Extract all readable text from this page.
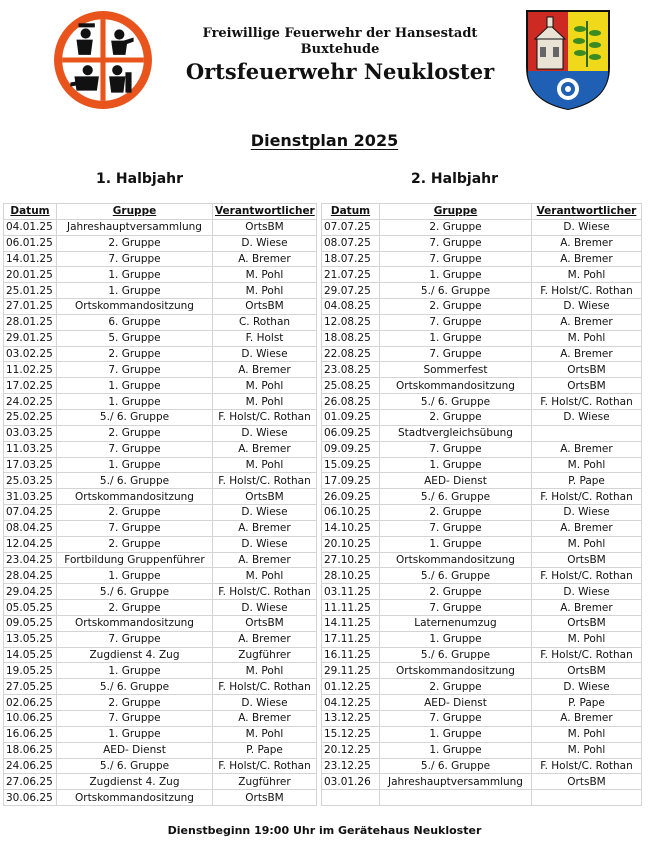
Freiwillige Feuerwehr der Hansestadt
Buxtehude
Ortsfeuerwehr Neukloster
Dienstplan 2025
1. Halbjahr	2. Halbjahr
Datum	Gruppe	Verantwortlicher
04.01.25	Jahreshauptversammlung	OrtsBM
06.01.25	2. Gruppe	D. Wiese
14.01.25	7. Gruppe	A. Bremer
20.01.25	1. Gruppe	M. Pohl
25.01.25	1. Gruppe	M. Pohl
27.01.25	Ortskommandositzung	OrtsBM
28.01.25	6. Gruppe	C. Rothan
29.01.25	5. Gruppe	F. Holst
03.02.25	2. Gruppe	D. Wiese
11.02.25	7. Gruppe	A. Bremer
17.02.25	1. Gruppe	M. Pohl
24.02.25	1. Gruppe	M. Pohl
25.02.25	5./ 6. Gruppe	F. Holst/C. Rothan
03.03.25	2. Gruppe	D. Wiese
11.03.25	7. Gruppe	A. Bremer
17.03.25	1. Gruppe	M. Pohl
25.03.25	5./ 6. Gruppe	F. Holst/C. Rothan
31.03.25	Ortskommandositzung	OrtsBM
07.04.25	2. Gruppe	D. Wiese
08.04.25	7. Gruppe	A. Bremer
12.04.25	2. Gruppe	D. Wiese
23.04.25	Fortbildung Gruppenführer	A. Bremer
28.04.25	1. Gruppe	M. Pohl
29.04.25	5./ 6. Gruppe	F. Holst/C. Rothan
05.05.25	2. Gruppe	D. Wiese
09.05.25	Ortskommandositzung	OrtsBM
13.05.25	7. Gruppe	A. Bremer
14.05.25	Zugdienst 4. Zug	Zugführer
19.05.25	1. Gruppe	M. Pohl
27.05.25	5./ 6. Gruppe	F. Holst/C. Rothan
02.06.25	2. Gruppe	D. Wiese
10.06.25	7. Gruppe	A. Bremer
16.06.25	1. Gruppe	M. Pohl
18.06.25	AED- Dienst	P. Pape
24.06.25	5./ 6. Gruppe	F. Holst/C. Rothan
27.06.25	Zugdienst 4. Zug	Zugführer
30.06.25	Ortskommandositzung	OrtsBM
Datum	Gruppe	Verantwortlicher
07.07.25	2. Gruppe	D. Wiese
08.07.25	7. Gruppe	A. Bremer
18.07.25	7. Gruppe	A. Bremer
21.07.25	1. Gruppe	M. Pohl
29.07.25	5./ 6. Gruppe	F. Holst/C. Rothan
04.08.25	2. Gruppe	D. Wiese
12.08.25	7. Gruppe	A. Bremer
18.08.25	1. Gruppe	M. Pohl
22.08.25	7. Gruppe	A. Bremer
23.08.25	Sommerfest	OrtsBM
25.08.25	Ortskommandositzung	OrtsBM
26.08.25	5./ 6. Gruppe	F. Holst/C. Rothan
01.09.25	2. Gruppe	D. Wiese
06.09.25	Stadtvergleichsübung	
09.09.25	7. Gruppe	A. Bremer
15.09.25	1. Gruppe	M. Pohl
17.09.25	AED- Dienst	P. Pape
26.09.25	5./ 6. Gruppe	F. Holst/C. Rothan
06.10.25	2. Gruppe	D. Wiese
14.10.25	7. Gruppe	A. Bremer
20.10.25	1. Gruppe	M. Pohl
27.10.25	Ortskommandositzung	OrtsBM
28.10.25	5./ 6. Gruppe	F. Holst/C. Rothan
03.11.25	2. Gruppe	D. Wiese
11.11.25	7. Gruppe	A. Bremer
14.11.25	Laternenumzug	OrtsBM
17.11.25	1. Gruppe	M. Pohl
16.11.25	5./ 6. Gruppe	F. Holst/C. Rothan
29.11.25	Ortskommandositzung	OrtsBM
01.12.25	2. Gruppe	D. Wiese
04.12.25	AED- Dienst	P. Pape
13.12.25	7. Gruppe	A. Bremer
15.12.25	1. Gruppe	M. Pohl
20.12.25	1. Gruppe	M. Pohl
23.12.25	5./ 6. Gruppe	F. Holst/C. Rothan
03.01.26	Jahreshauptversammlung	OrtsBM

Dienstbeginn 19:00 Uhr im Gerätehaus Neukloster
